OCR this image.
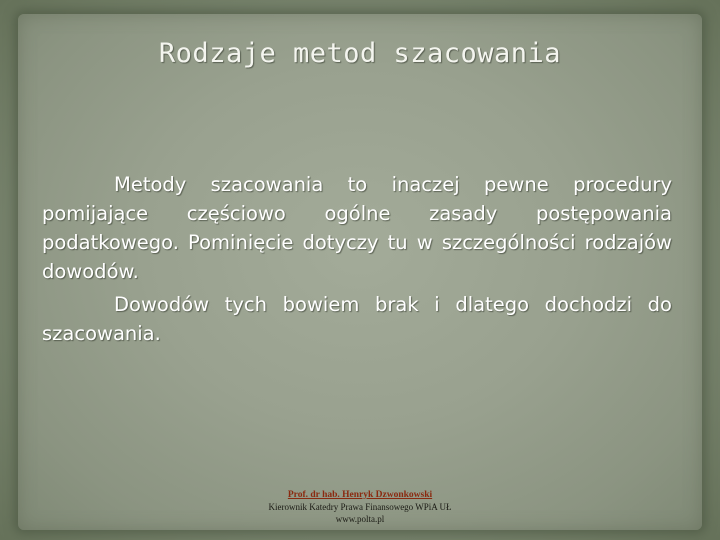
Rodzaje metod szacowania

Metody szacowania to inaczej pewne procedury pomijające częściowo ogólne zasady postępowania podatkowego. Pominięcie dotyczy tu w szczególności rodzajów dowodów.

Dowodów tych bowiem brak i dlatego dochodzi do szacowania.

Prof. dr hab. Henryk Dzwonkowski
Kierownik Katedry Prawa Finansowego WPiA UŁ
www.polta.pl
